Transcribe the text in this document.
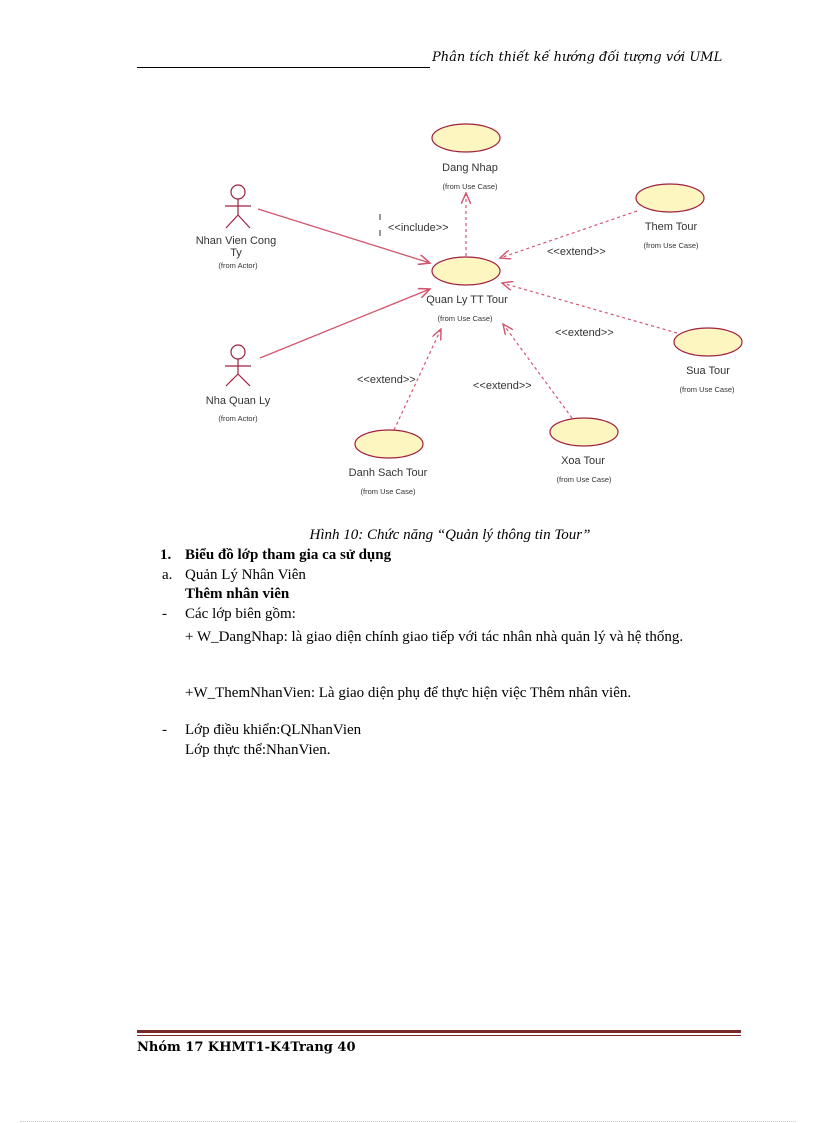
Phân tích thiết kế hướng đối tượng với UML
Nhan Vien Cong
Ty
(from Actor)
Nha Quan Ly
(from Actor)
Dang Nhap
(from Use Case)
Them Tour
(from Use Case)
Quan Ly TT Tour
(from Use Case)
Sua Tour
(from Use Case)
Xoa Tour
(from Use Case)
Danh Sach Tour
(from Use Case)
<<include>>
<<extend>>
<<extend>>
<<extend>>
<<extend>>
Hình 10: Chức năng “Quản lý thông tin Tour”
1. Biểu đồ lớp tham gia ca sử dụng
a. Quản Lý Nhân Viên
Thêm nhân viên
- Các lớp biên gồm:
+ W_DangNhap: là giao diện chính giao tiếp với tác nhân nhà quản lý và hệ thống.
+W_ThemNhanVien: Là giao diện phụ để thực hiện việc Thêm nhân viên.
- Lớp điều khiển:QLNhanVien
Lớp thực thể:NhanVien.
Nhóm 17 KHMT1-K4Trang 40
